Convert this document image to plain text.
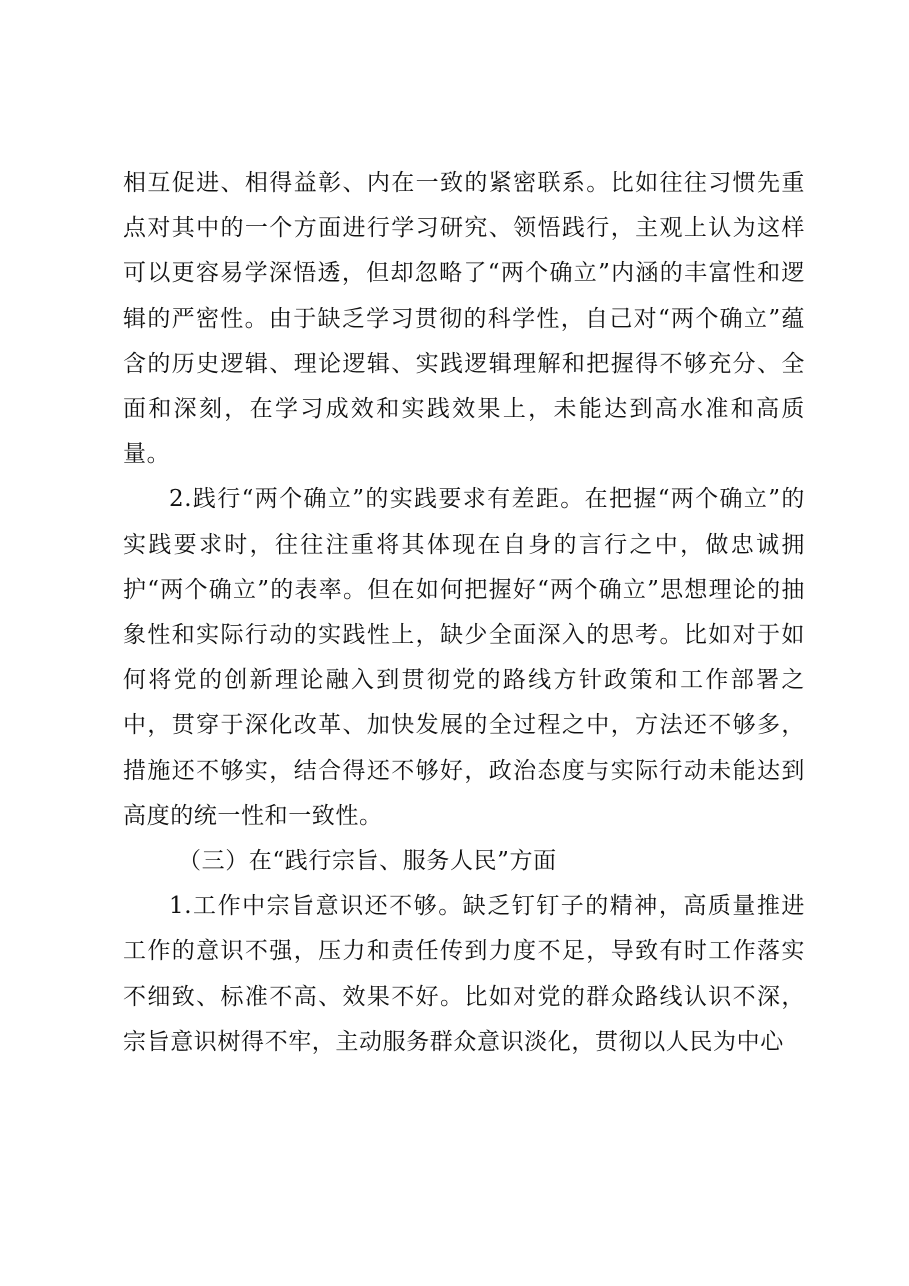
相互促进、相得益彰、内在一致的紧密联系。比如往往习惯先重点对其中的一个方面进行学习研究、领悟践行，主观上认为这样可以更容易学深悟透，但却忽略了“两个确立”内涵的丰富性和逻辑的严密性。由于缺乏学习贯彻的科学性，自己对“两个确立”蕴含的历史逻辑、理论逻辑、实践逻辑理解和把握得不够充分、全面和深刻，在学习成效和实践效果上，未能达到高水准和高质量。

2.践行“两个确立”的实践要求有差距。在把握“两个确立”的实践要求时，往往注重将其体现在自身的言行之中，做忠诚拥护“两个确立”的表率。但在如何把握好“两个确立”思想理论的抽象性和实际行动的实践性上，缺少全面深入的思考。比如对于如何将党的创新理论融入到贯彻党的路线方针政策和工作部署之中，贯穿于深化改革、加快发展的全过程之中，方法还不够多，措施还不够实，结合得还不够好，政治态度与实际行动未能达到高度的统一性和一致性。

（三）在“践行宗旨、服务人民”方面

1.工作中宗旨意识还不够。缺乏钉钉子的精神，高质量推进工作的意识不强，压力和责任传到力度不足，导致有时工作落实不细致、标准不高、效果不好。比如对党的群众路线认识不深，宗旨意识树得不牢，主动服务群众意识淡化，贯彻以人民为中心
